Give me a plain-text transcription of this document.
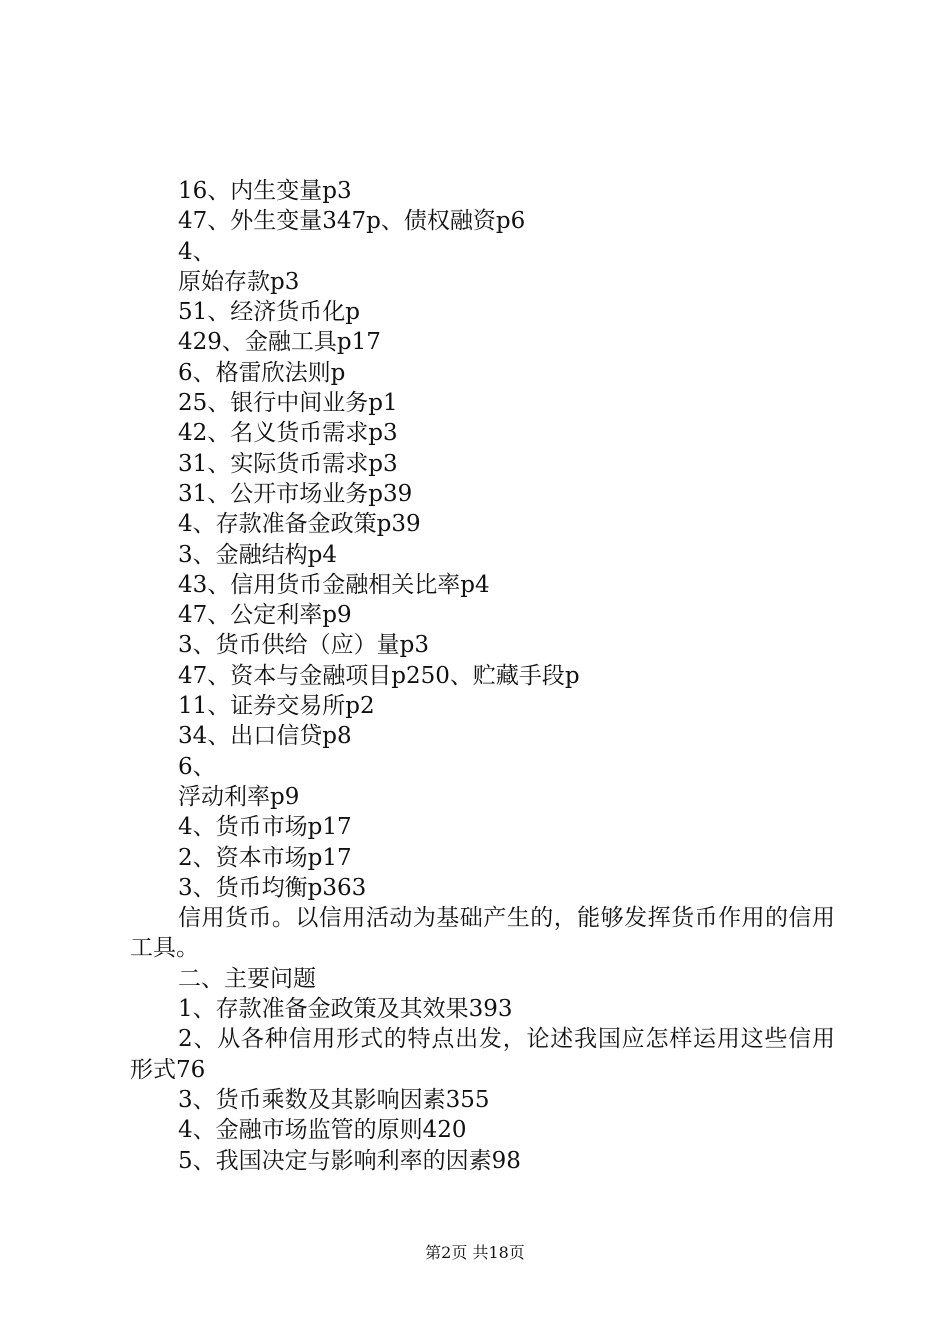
16、内生变量p3
47、外生变量347p、债权融资p6
4、
原始存款p3
51、经济货币化p
429、金融工具p17
6、格雷欣法则p
25、银行中间业务p1
42、名义货币需求p3
31、实际货币需求p3
31、公开市场业务p39
4、存款准备金政策p39
3、金融结构p4
43、信用货币金融相关比率p4
47、公定利率p9
3、货币供给（应）量p3
47、资本与金融项目p250、贮藏手段p
11、证券交易所p2
34、出口信贷p8
6、
浮动利率p9
4、货币市场p17
2、资本市场p17
3、货币均衡p363
信用货币。以信用活动为基础产生的，能够发挥货币作用的信用工具。
二、主要问题
1、存款准备金政策及其效果393
2、从各种信用形式的特点出发，论述我国应怎样运用这些信用形式76
3、货币乘数及其影响因素355
4、金融市场监管的原则420
5、我国决定与影响利率的因素98
第2页 共18页
